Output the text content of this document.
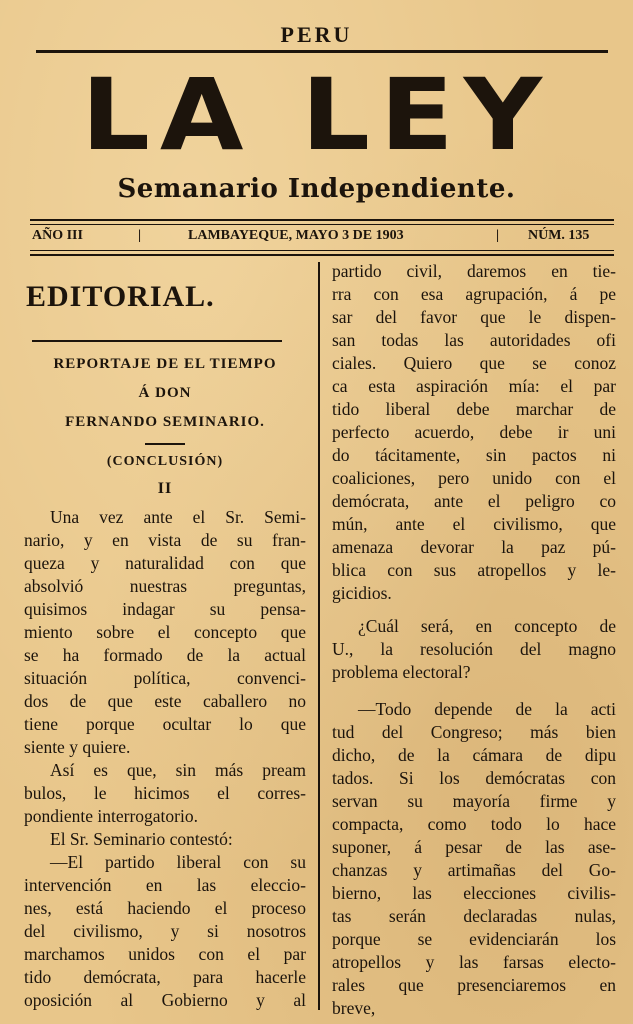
PERU
LA LEY
Semanario Independiente.
AÑO III	|	LAMBAYEQUE, MAYO 3 DE 1903	| NÚM. 135
EDITORIAL.
REPORTAJE DE EL TIEMPO
Á DON
FERNANDO SEMINARIO.
(CONCLUSIÓN)
II
Una vez ante el Sr. Semi-
nario, y en vista de su fran-
queza y naturalidad con que
absolvió nuestras preguntas,
quisimos indagar su pensa-
miento sobre el concepto que
se ha formado de la actual
situación política, convenci-
dos de que este caballero no
tiene porque ocultar lo que
siente y quiere.
Así es que, sin más pream
bulos, le hicimos el corres-
pondiente interrogatorio.
El Sr. Seminario contestó:
—El partido liberal con su
intervención en las eleccio-
nes, está haciendo el proceso
del civilismo, y si nosotros
marchamos unidos con el par
tido demócrata, para hacerle
oposición al Gobierno y al
partido civil, daremos en tie-
rra con esa agrupación, á pe
sar del favor que le dispen-
san todas las autoridades ofi
ciales. Quiero que se conoz
ca esta aspiración mía: el par
tido liberal debe marchar de
perfecto acuerdo, debe ir uni
do tácitamente, sin pactos ni
coaliciones, pero unido con el
demócrata, ante el peligro co
mún, ante el civilismo, que
amenaza devorar la paz pú-
blica con sus atropellos y le-
gicidios.
¿Cuál será, en concepto de
U., la resolución del magno
problema electoral?
—Todo depende de la acti
tud del Congreso; más bien
dicho, de la cámara de dipu
tados. Si los demócratas con
servan su mayoría firme y
compacta, como todo lo hace
suponer, á pesar de las ase-
chanzas y artimañas del Go-
bierno, las elecciones civilis-
tas serán declaradas nulas,
porque se evidenciarán los
atropellos y las farsas electo-
rales que presenciaremos en
breve,
